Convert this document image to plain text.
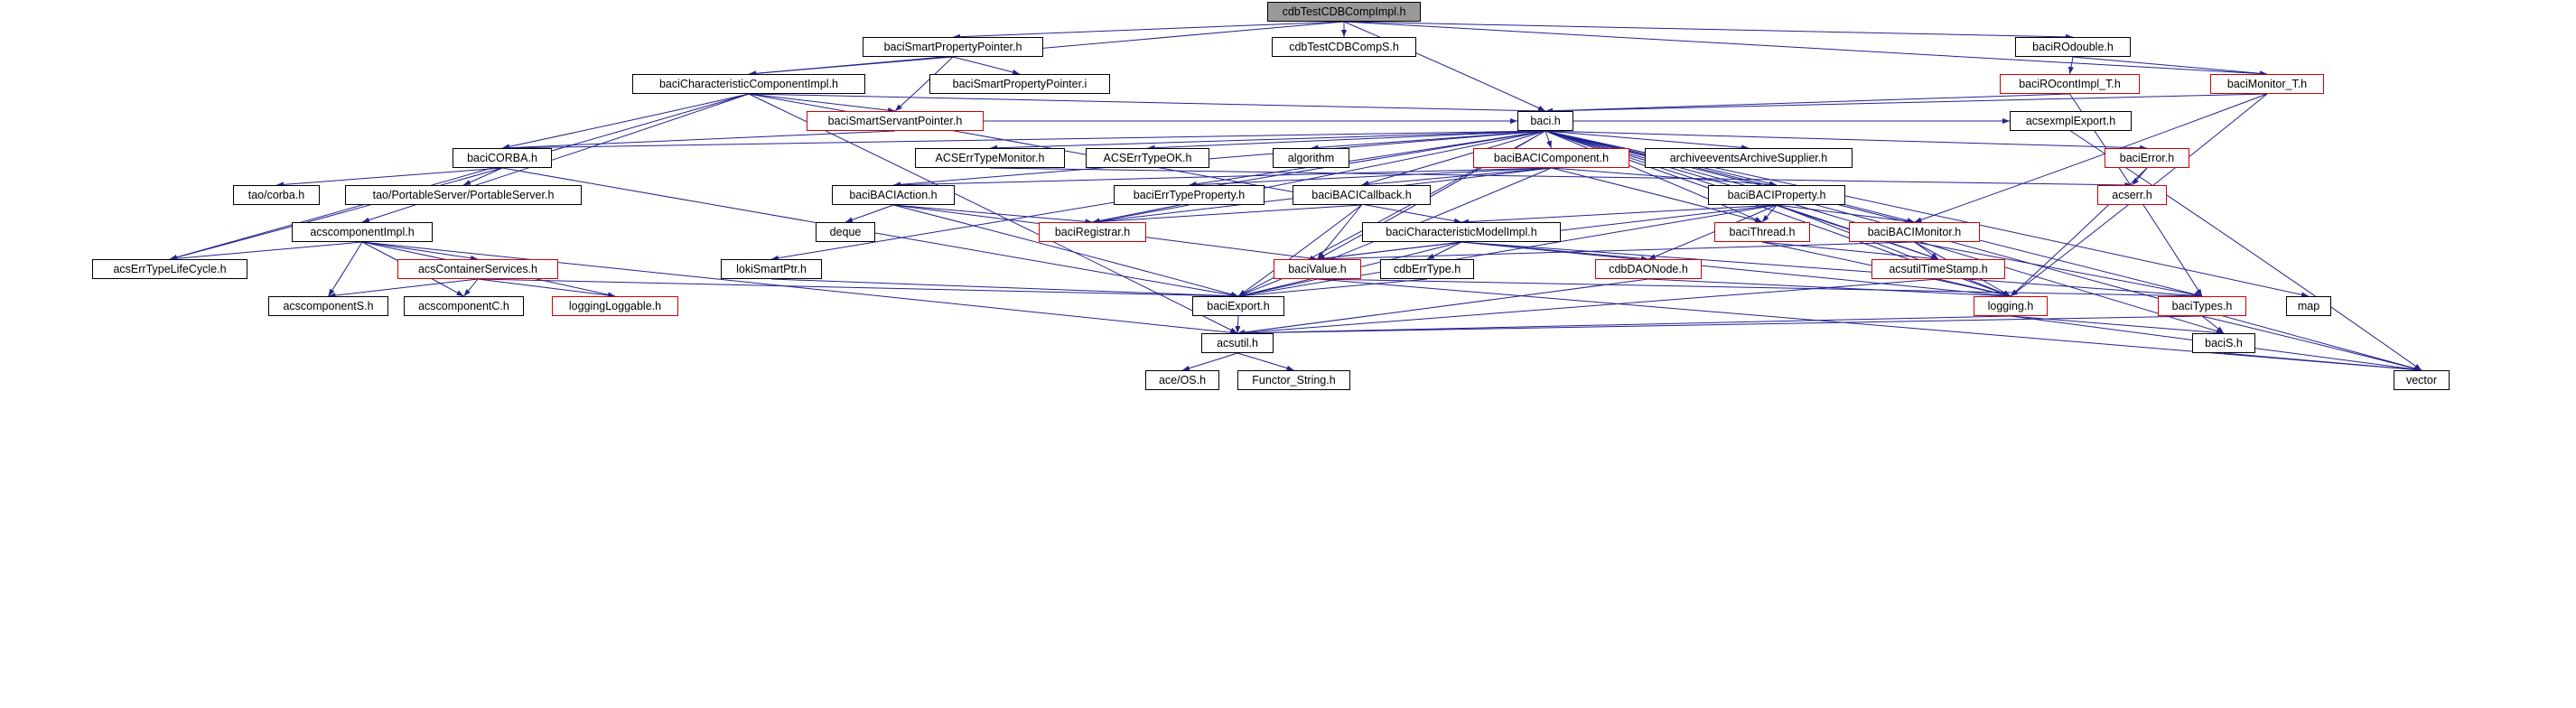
cdbTestCDBCompImpl.h
baciSmartPropertyPointer.h	cdbTestCDBCompS.h	baciROdouble.h
baciCharacteristicComponentImpl.h	baciSmartPropertyPointer.i	baciROcontImpl_T.h	baciMonitor_T.h
baciSmartServantPointer.h	baci.h	acsexmplExport.h
baciCORBA.h	ACSErrTypeMonitor.h	ACSErrTypeOK.h	algorithm	baciBACIComponent.h	archiveeventsArchiveSupplier.h	baciError.h
tao/corba.h	tao/PortableServer/PortableServer.h	baciBACIAction.h	baciErrTypeProperty.h	baciBACICallback.h	baciBACIProperty.h	acserr.h
deque	baciRegistrar.h	baciCharacteristicModelImpl.h	baciThread.h	baciBACIMonitor.h
acscomponentImpl.h
acsErrTypeLifeCycle.h	acsContainerServices.h	lokiSmartPtr.h	baciValue.h	cdbErrType.h	cdbDAONode.h	acsutilTimeStamp.h
acscomponentS.h	acscomponentC.h	loggingLoggable.h	baciExport.h	logging.h	baciTypes.h	map
acsutil.h	baciS.h
ace/OS.h	Functor_String.h	vector
